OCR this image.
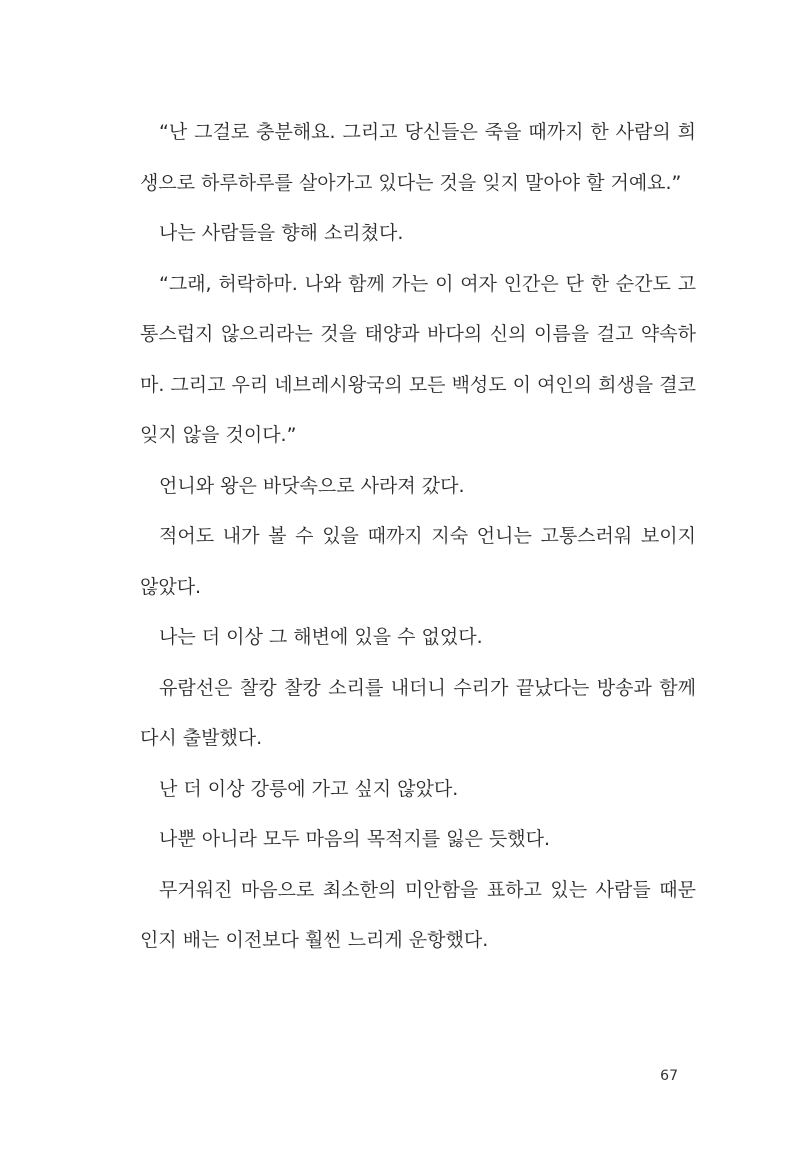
“난 그걸로 충분해요. 그리고 당신들은 죽을 때까지 한 사람의 희생으로 하루하루를 살아가고 있다는 것을 잊지 말아야 할 거예요.”

나는 사람들을 향해 소리쳤다.

“그래, 허락하마. 나와 함께 가는 이 여자 인간은 단 한 순간도 고통스럽지 않으리라는 것을 태양과 바다의 신의 이름을 걸고 약속하마. 그리고 우리 네브레시왕국의 모든 백성도 이 여인의 희생을 결코 잊지 않을 것이다.”

언니와 왕은 바닷속으로 사라져 갔다.

적어도 내가 볼 수 있을 때까지 지숙 언니는 고통스러워 보이지 않았다.

나는 더 이상 그 해변에 있을 수 없었다.

유람선은 찰캉 찰캉 소리를 내더니 수리가 끝났다는 방송과 함께 다시 출발했다.

난 더 이상 강릉에 가고 싶지 않았다.

나뿐 아니라 모두 마음의 목적지를 잃은 듯했다.

무거워진 마음으로 최소한의 미안함을 표하고 있는 사람들 때문인지 배는 이전보다 훨씬 느리게 운항했다.

67
